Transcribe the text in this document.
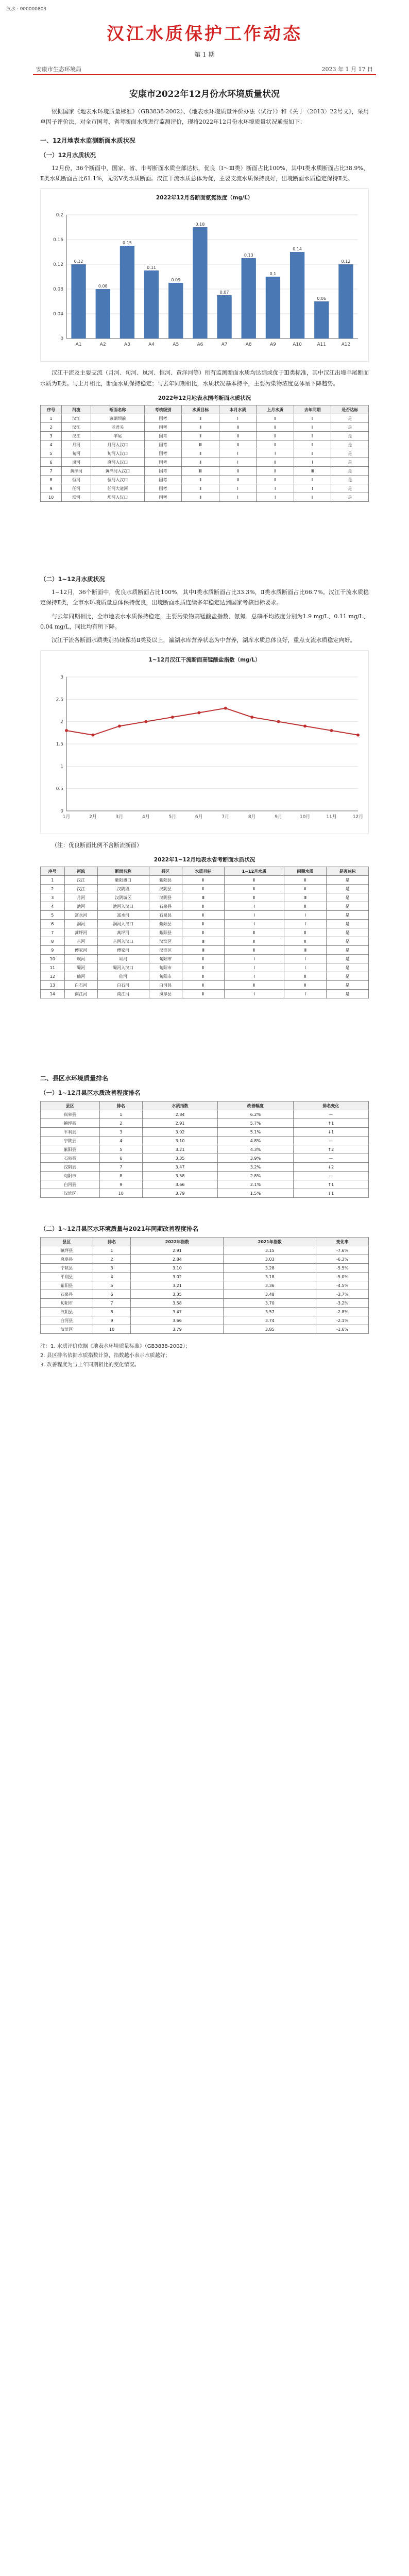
汉水 · 000000803
汉江水质保护工作动态
第 1 期
安康市生态环境局	2023 年 1 月 17 日
安康市2022年12月份水环境质量状况

依据国家《地表水环境质量标准》（GB3838-2002）、《地表水环境质量评价办法（试行）》和《关于〈2013〉22号文》，采用单因子评价法，对全市国考、省考断面水质进行监测评价，现将2022年12月份水环境质量状况通报如下：

一、12月地表水监测断面水质状况
（一）12月水质状况

12月份，36个断面中，国家、省、市考断面水质全部达标，优良（Ⅰ～Ⅲ类）断面占比100%，其中Ⅰ类水质断面占比38.9%、Ⅱ类水质断面占比61.1%，无劣Ⅴ类水质断面。汉江干流水质总体为优，主要支流水质保持良好，出境断面水质稳定保持Ⅱ类。

2022年12月各断面氨氮浓度（mg/L）
0
0.04
0.08
0.12
0.16
0.2
A1
0.12
A2
0.08
A3
0.15
A4
0.11
A5
0.09
A6
0.18
A7
0.07
A8
0.13
A9
0.1
A10
0.14
A11
0.06
A12
0.12

汉江干流及主要支流（月河、旬河、岚河、恒河、黄洋河等）所有监测断面水质均达到或优于Ⅲ类标准，其中汉江出境羊尾断面水质为Ⅱ类。与上月相比，断面水质保持稳定；与去年同期相比，水质状况基本持平，主要污染物浓度总体呈下降趋势。

2022年12月地表水国考断面水质状况
序号	河流	断面名称	考核级别	水质目标	本月水质	上月水质	去年同期	是否达标
1	汉江	瀛湖坝前	国考	Ⅱ	Ⅰ	Ⅱ	Ⅱ	是
2	汉江	老君关	国考	Ⅱ	Ⅱ	Ⅱ	Ⅱ	是
3	汉江	羊尾	国考	Ⅱ	Ⅱ	Ⅱ	Ⅱ	是
4	月河	月河入汉口	国考	Ⅲ	Ⅱ	Ⅱ	Ⅱ	是
5	旬河	旬河入汉口	国考	Ⅱ	Ⅰ	Ⅰ	Ⅱ	是
6	岚河	岚河入汉口	国考	Ⅱ	Ⅰ	Ⅱ	Ⅰ	是
7	黄洋河	黄洋河入汉口	国考	Ⅲ	Ⅱ	Ⅱ	Ⅲ	是
8	恒河	恒河入汉口	国考	Ⅱ	Ⅱ	Ⅱ	Ⅱ	是
9	任河	任河大道河	国考	Ⅱ	Ⅰ	Ⅰ	Ⅰ	是
10	坝河	坝河入汉口	国考	Ⅱ	Ⅰ	Ⅰ	Ⅱ	是
（二）1~12月水质状况

1~12月，36个断面中，优良水质断面占比100%，其中Ⅰ类水质断面占比33.3%，Ⅱ类水质断面占比66.7%。汉江干流水质稳定保持Ⅱ类，全市水环境质量总体保持优良，出境断面水质连续多年稳定达到国家考核目标要求。

与去年同期相比，全市地表水水质保持稳定，主要污染物高锰酸盐指数、氨氮、总磷平均浓度分别为1.9 mg/L、0.11 mg/L、0.04 mg/L，同比均有所下降。

汉江干流各断面水质类别持续保持Ⅱ类及以上，瀛湖水库营养状态为中营养，湖库水质总体良好，重点支流水质稳定向好。

1~12月汉江干流断面高锰酸盐指数（mg/L）
0
0.5
1
1.5
2
2.5
3
1月	2月	3月	4月	5月	6月	7月	8月	9月	10月	11月	12月

（注：优良断面比例不含断流断面）

2022年1~12月地表水省考断面水质状况
序号	河流	断面名称	县区	水质目标	1~12月水质	同期水质	是否达标
1	汉江	紫阳渡口	紫阳县	Ⅱ	Ⅱ	Ⅱ	是
2	汉江	汉阴段	汉阴县	Ⅱ	Ⅱ	Ⅱ	是
3	月河	汉阴城区	汉阴县	Ⅲ	Ⅱ	Ⅲ	是
4	池河	池河入汉口	石泉县	Ⅱ	Ⅰ	Ⅱ	是
5	富水河	富水河	石泉县	Ⅱ	Ⅰ	Ⅰ	是
6	洞河	洞河入汉口	紫阳县	Ⅱ	Ⅰ	Ⅰ	是
7	蒿坪河	蒿坪河	紫阳县	Ⅱ	Ⅱ	Ⅱ	是
8	吉河	吉河入汉口	汉滨区	Ⅲ	Ⅱ	Ⅱ	是
9	傅家河	傅家河	汉滨区	Ⅲ	Ⅱ	Ⅲ	是
10	坝河	坝河	旬阳市	Ⅱ	Ⅰ	Ⅰ	是
11	蜀河	蜀河入汉口	旬阳市	Ⅱ	Ⅰ	Ⅰ	是
12	仙河	仙河	旬阳市	Ⅱ	Ⅰ	Ⅱ	是
13	白石河	白石河	白河县	Ⅱ	Ⅱ	Ⅱ	是
14	南江河	南江河	岚皋县	Ⅱ	Ⅰ	Ⅰ	是
二、县区水环境质量排名
（一）1~12月县区水质改善程度排名
县区	排名	水质指数	改善幅度	排名变化
岚皋县	1	2.84	6.2%	—
镇坪县	2	2.91	5.7%	↑1
平利县	3	3.02	5.1%	↓1
宁陕县	4	3.10	4.8%	—
紫阳县	5	3.21	4.3%	↑2
石泉县	6	3.35	3.9%	—
汉阴县	7	3.47	3.2%	↓2
旬阳市	8	3.58	2.8%	—
白河县	9	3.66	2.1%	↑1
汉滨区	10	3.79	1.5%	↓1
（二）1~12月县区水环境质量与2021年同期改善程度排名
县区	排名	2022年指数	2021年指数	变化率
镇坪县	1	2.91	3.15	-7.6%
岚皋县	2	2.84	3.03	-6.3%
宁陕县	3	3.10	3.28	-5.5%
平利县	4	3.02	3.18	-5.0%
紫阳县	5	3.21	3.36	-4.5%
石泉县	6	3.35	3.48	-3.7%
旬阳市	7	3.58	3.70	-3.2%
汉阴县	8	3.47	3.57	-2.8%
白河县	9	3.66	3.74	-2.1%
汉滨区	10	3.79	3.85	-1.6%
注：1. 水质评价依据《地表水环境质量标准》（GB3838-2002）；
2. 县区排名依据水质指数计算，指数越小表示水质越好；
3. 改善程度为与上年同期相比的变化情况。
